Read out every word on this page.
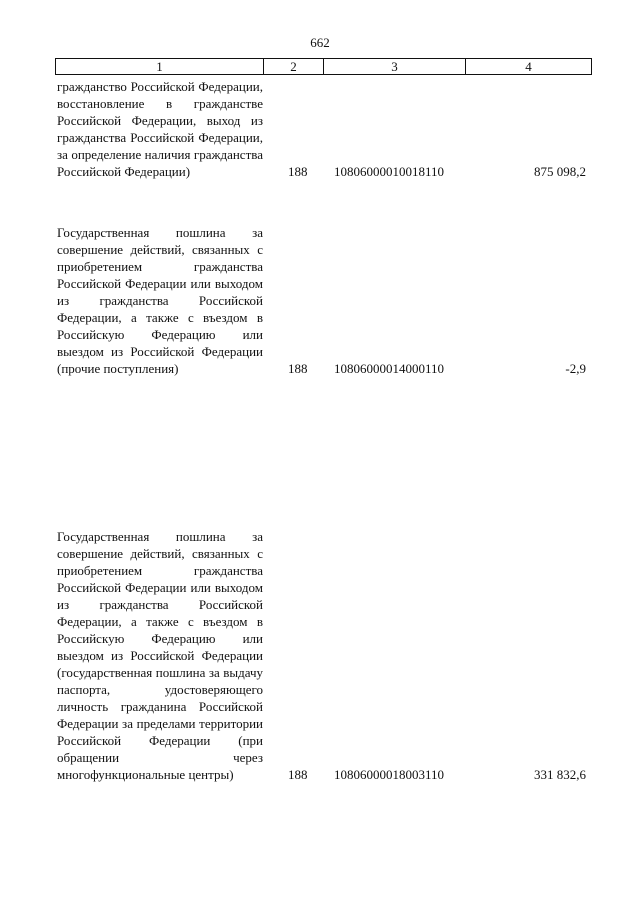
662
1	2	3	4
гражданство Российской Федерации, восстановление в гражданстве Российской Федерации, выход из гражданства Российской Федерации, за определение наличия гражданства Российской Федерации)	188	10806000010018110	875 098,2
Государственная пошлина за совершение действий, связанных с приобретением гражданства Российской Федерации или выходом из гражданства Российской Федерации, а также с въездом в Российскую Федерацию или выездом из Российской Федерации (прочие поступления)	188	10806000014000110	-2,9
Государственная пошлина за совершение действий, связанных с приобретением гражданства Российской Федерации или выходом из гражданства Российской Федерации, а также с въездом в Российскую Федерацию или выездом из Российской Федерации (государственная пошлина за выдачу паспорта, удостоверяющего личность гражданина Российской Федерации за пределами территории Российской Федерации (при обращении через многофункциональные центры)	188	10806000018003110	331 832,6
